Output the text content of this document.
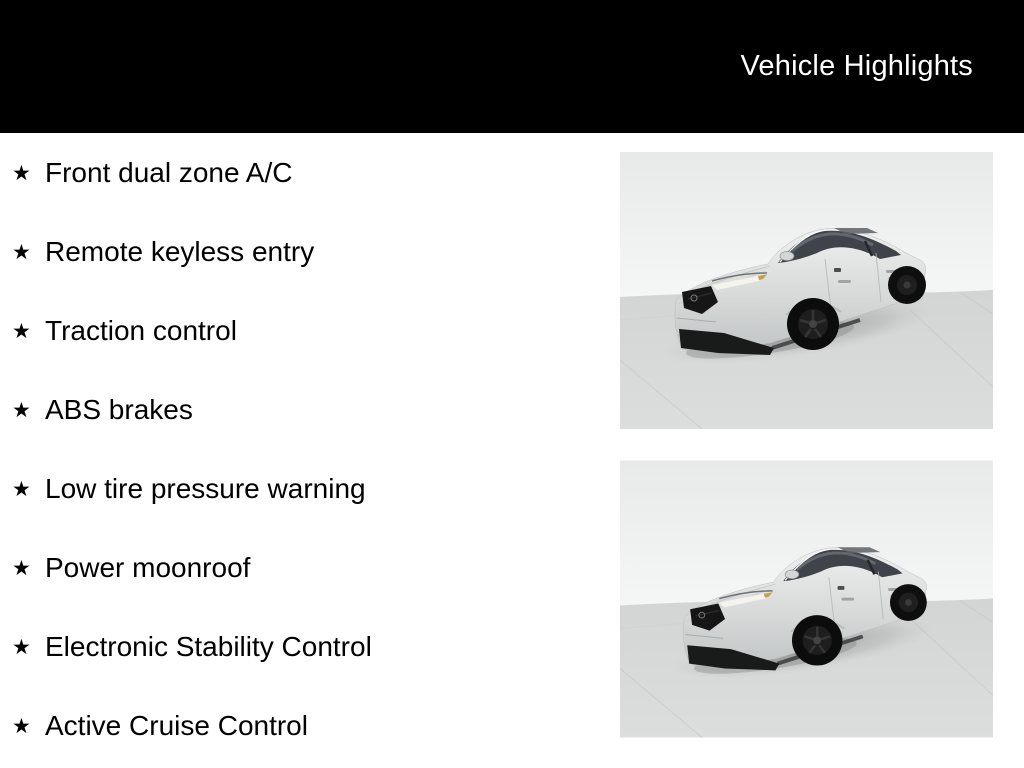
Vehicle Highlights
★ Front dual zone A/C
★ Remote keyless entry
★ Traction control
★ ABS brakes
★ Low tire pressure warning
★ Power moonroof
★ Electronic Stability Control
★ Active Cruise Control
